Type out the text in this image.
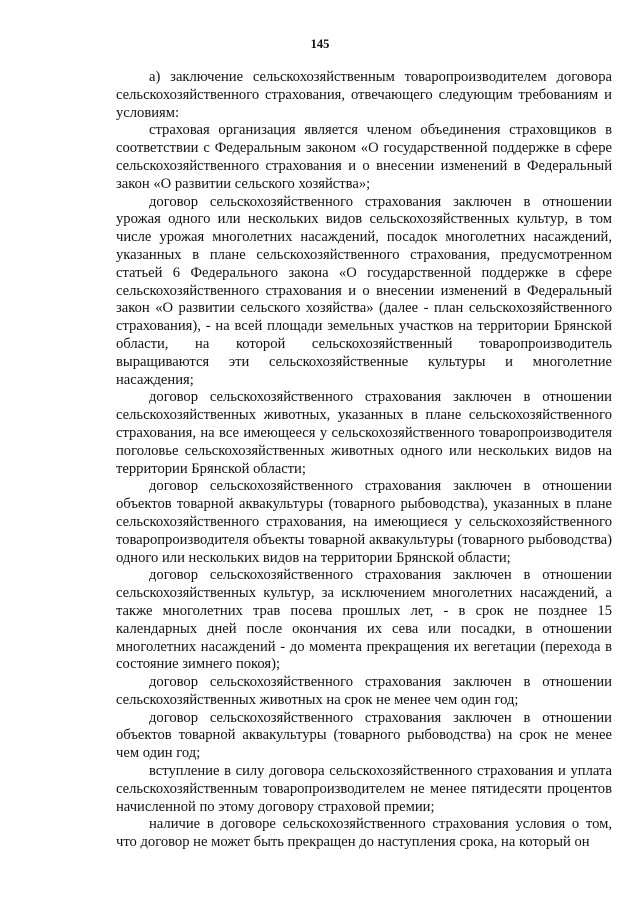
145

а) заключение сельскохозяйственным товаропроизводителем договора сельскохозяйственного страхования, отвечающего следующим требованиям и условиям:

страховая организация является членом объединения страховщиков в соответствии с Федеральным законом «О государственной поддержке в сфере сельскохозяйственного страхования и о внесении изменений в Федеральный закон «О развитии сельского хозяйства»;

договор сельскохозяйственного страхования заключен в отношении урожая одного или нескольких видов сельскохозяйственных культур, в том числе урожая многолетних насаждений, посадок многолетних насаждений, указанных в плане сельскохозяйственного страхования, предусмотренном статьей 6 Федерального закона «О государственной поддержке в сфере сельскохозяйственного страхования и о внесении изменений в Федеральный закон «О развитии сельского хозяйства» (далее - план сельскохозяйственного страхования), - на всей площади земельных участков на территории Брянской области, на которой сельскохозяйственный товаропроизводитель выращиваются эти сельскохозяйственные культуры и многолетние насаждения;

договор сельскохозяйственного страхования заключен в отношении сельскохозяйственных животных, указанных в плане сельскохозяйственного страхования, на все имеющееся у сельскохозяйственного товаропроизводителя поголовье сельскохозяйственных животных одного или нескольких видов на территории Брянской области;

договор сельскохозяйственного страхования заключен в отношении объектов товарной аквакультуры (товарного рыбоводства), указанных в плане сельскохозяйственного страхования, на имеющиеся у сельскохозяйственного товаропроизводителя объекты товарной аквакультуры (товарного рыбоводства) одного или нескольких видов на территории Брянской области;

договор сельскохозяйственного страхования заключен в отношении сельскохозяйственных культур, за исключением многолетних насаждений, а также многолетних трав посева прошлых лет, - в срок не позднее 15 календарных дней после окончания их сева или посадки, в отношении многолетних насаждений - до момента прекращения их вегетации (перехода в состояние зимнего покоя);

договор сельскохозяйственного страхования заключен в отношении сельскохозяйственных животных на срок не менее чем один год;

договор сельскохозяйственного страхования заключен в отношении объектов товарной аквакультуры (товарного рыбоводства) на срок не менее чем один год;

вступление в силу договора сельскохозяйственного страхования и уплата сельскохозяйственным товаропроизводителем не менее пятидесяти процентов начисленной по этому договору страховой премии;

наличие в договоре сельскохозяйственного страхования условия о том, что договор не может быть прекращен до наступления срока, на который он
